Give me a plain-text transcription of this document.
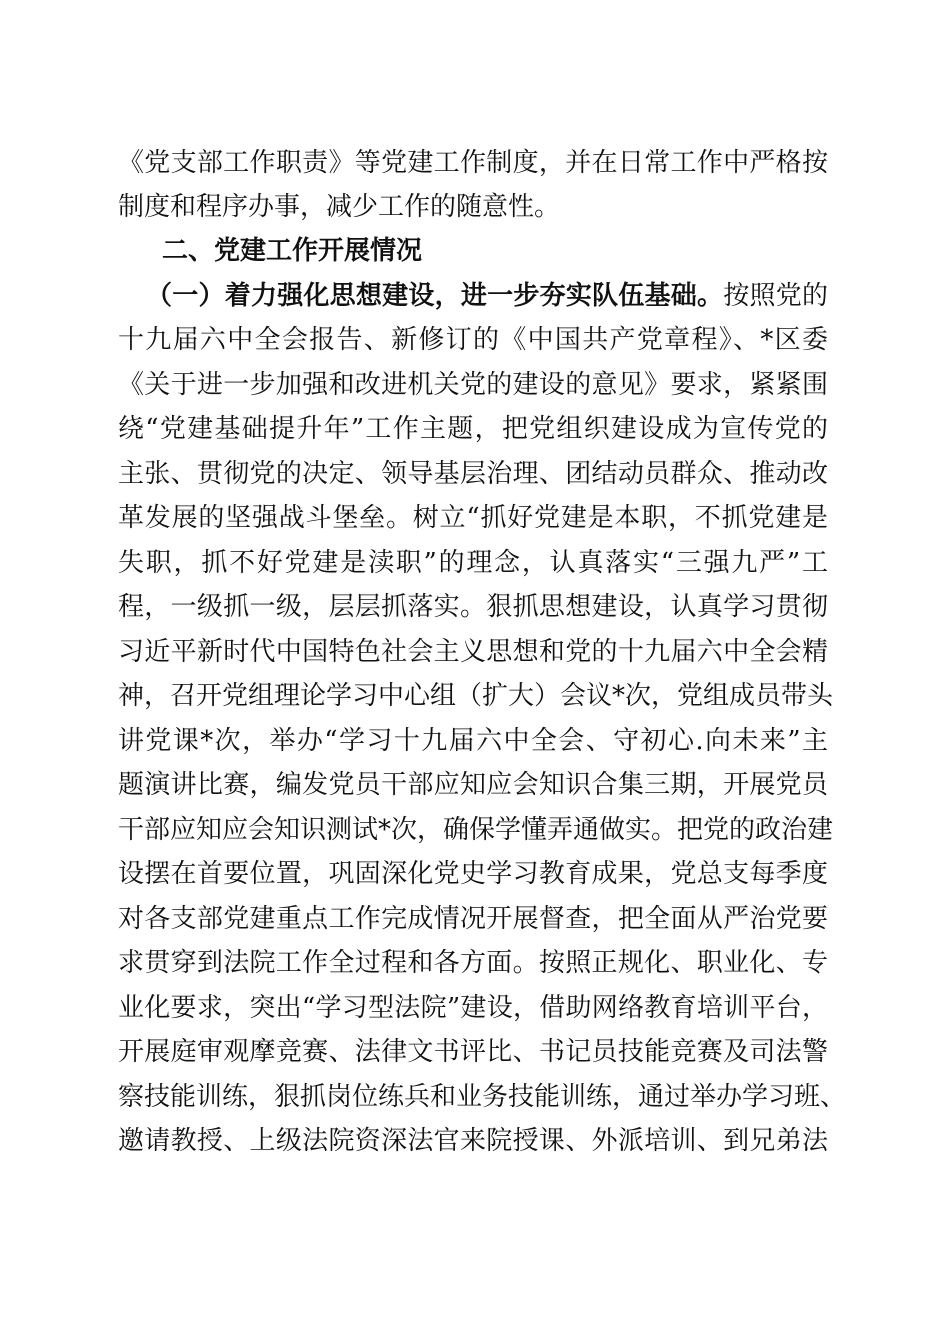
《党支部工作职责》等党建工作制度，并在日常工作中严格按
制度和程序办事，减少工作的随意性。
二、党建工作开展情况
（一）着力强化思想建设，进一步夯实队伍基础。按照党的
十九届六中全会报告、新修订的《中国共产党章程》、*区委
《关于进一步加强和改进机关党的建设的意见》要求，紧紧围
绕“党建基础提升年”工作主题，把党组织建设成为宣传党的
主张、贯彻党的决定、领导基层治理、团结动员群众、推动改
革发展的坚强战斗堡垒。树立“抓好党建是本职，不抓党建是
失职，抓不好党建是渎职”的理念，认真落实“三强九严”工
程，一级抓一级，层层抓落实。狠抓思想建设，认真学习贯彻
习近平新时代中国特色社会主义思想和党的十九届六中全会精
神，召开党组理论学习中心组（扩大）会议*次，党组成员带头
讲党课*次，举办“学习十九届六中全会、守初心.向未来”主
题演讲比赛，编发党员干部应知应会知识合集三期，开展党员
干部应知应会知识测试*次，确保学懂弄通做实。把党的政治建
设摆在首要位置，巩固深化党史学习教育成果，党总支每季度
对各支部党建重点工作完成情况开展督查，把全面从严治党要
求贯穿到法院工作全过程和各方面。按照正规化、职业化、专
业化要求，突出“学习型法院”建设，借助网络教育培训平台，
开展庭审观摩竞赛、法律文书评比、书记员技能竞赛及司法警
察技能训练，狠抓岗位练兵和业务技能训练，通过举办学习班、
邀请教授、上级法院资深法官来院授课、外派培训、到兄弟法
